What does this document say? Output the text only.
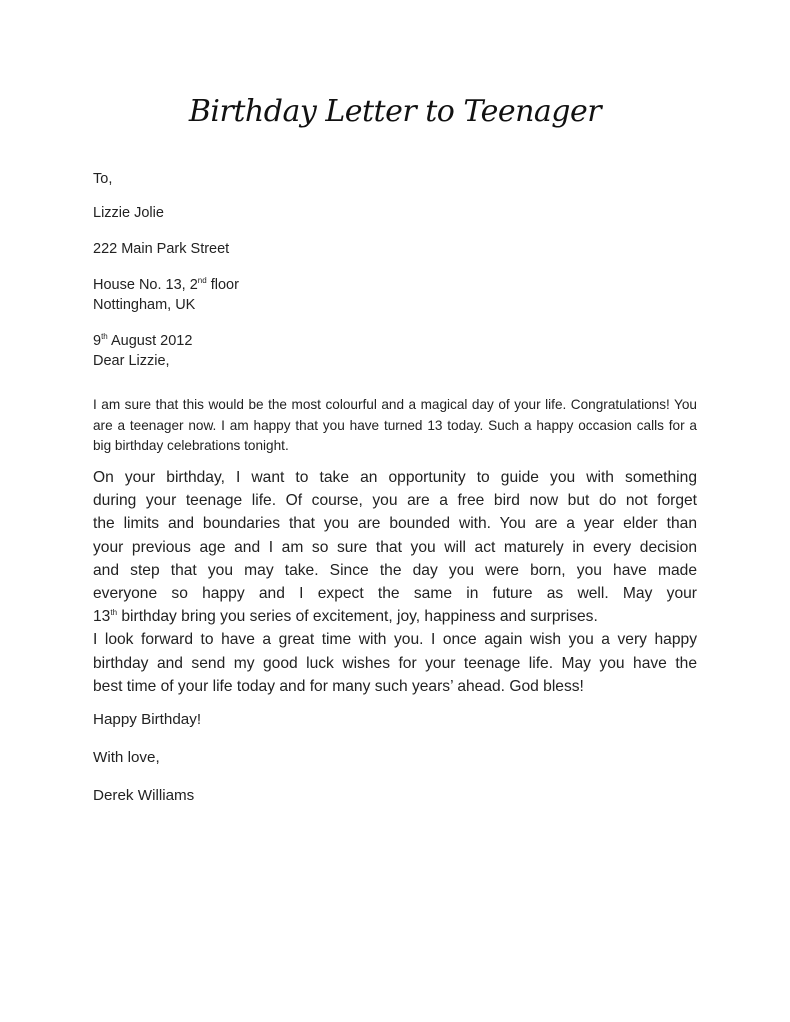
Birthday Letter to Teenager
To,
Lizzie Jolie
222 Main Park Street
House No. 13, 2nd floor
Nottingham, UK
9th August 2012
Dear Lizzie,
I am sure that this would be the most colourful and a magical day of your life. Congratulations! You are a teenager now. I am happy that you have turned 13 today. Such a happy occasion calls for a big birthday celebrations tonight.
On your birthday, I want to take an opportunity to guide you with something
during your teenage life. Of course, you are a free bird now but do not forget
the limits and boundaries that you are bounded with. You are a year elder than
your previous age and I am so sure that you will act maturely in every decision
and step that you may take. Since the day you were born, you have made
everyone so happy and I expect the same in future as well. May your
13th birthday bring you series of excitement, joy, happiness and surprises.
I look forward to have a great time with you. I once again wish you a very happy
birthday and send my good luck wishes for your teenage life. May you have the
best time of your life today and for many such years’ ahead. God bless!
Happy Birthday!
With love,
Derek Williams
